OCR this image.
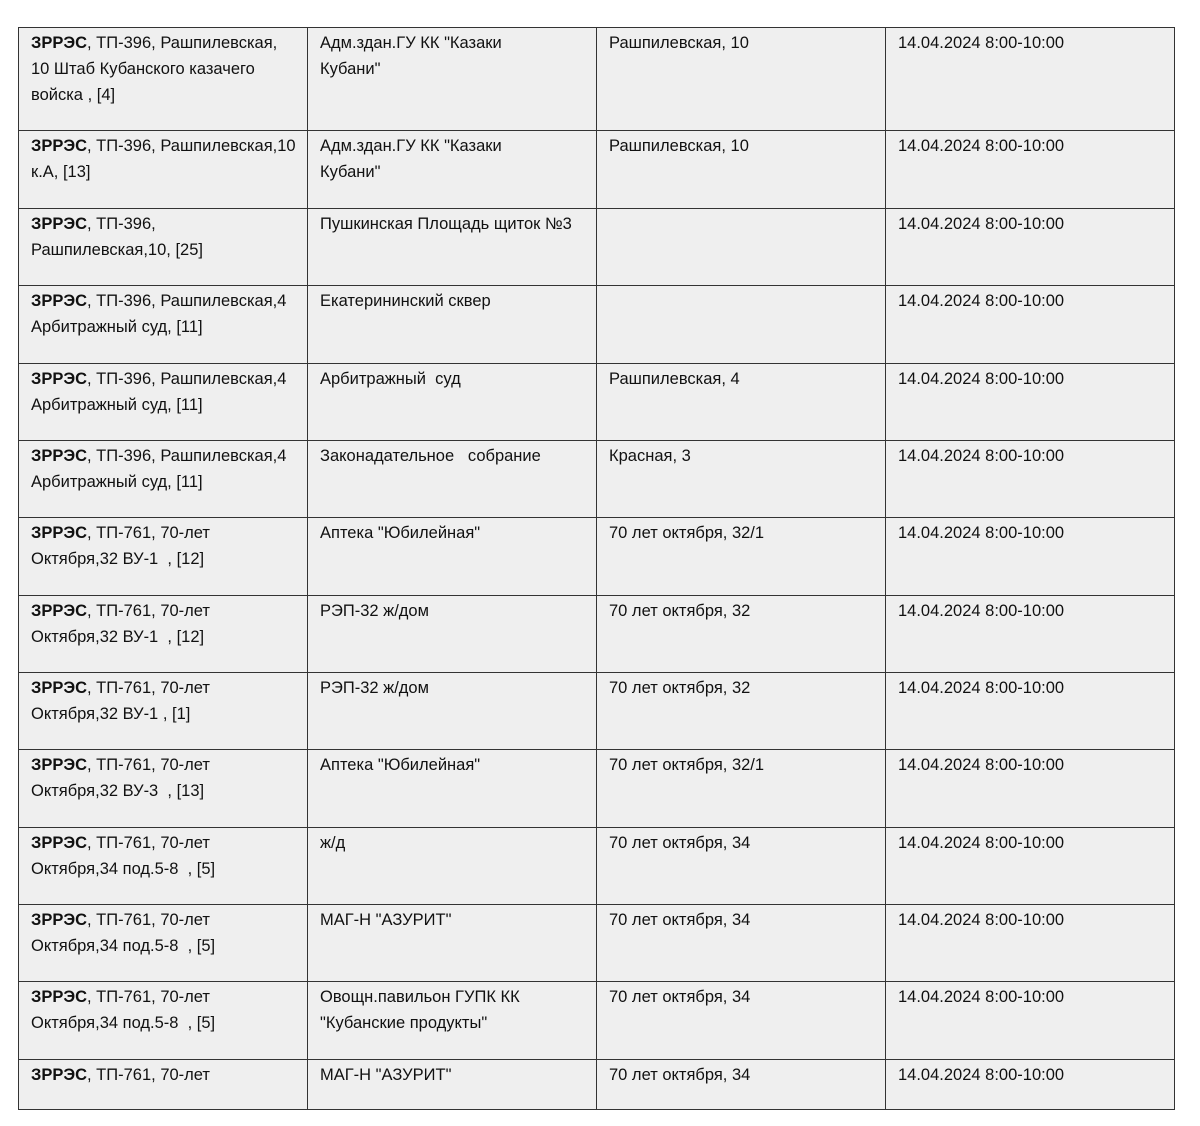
ЗРРЭС, ТП-396, Рашпилевская,
10 Штаб Кубанского казачего
войска , [4]	Адм.здан.ГУ КК "Казаки
Кубани"	Рашпилевская, 10	14.04.2024 8:00-10:00
ЗРРЭС, ТП-396, Рашпилевская,10
к.А, [13]	Адм.здан.ГУ КК "Казаки
Кубани"	Рашпилевская, 10	14.04.2024 8:00-10:00
ЗРРЭС, ТП-396,
Рашпилевская,10, [25]	Пушкинская Площадь щиток №3		14.04.2024 8:00-10:00
ЗРРЭС, ТП-396, Рашпилевская,4
Арбитражный суд, [11]	Екатерининский сквер		14.04.2024 8:00-10:00
ЗРРЭС, ТП-396, Рашпилевская,4
Арбитражный суд, [11]	Арбитражный  суд	Рашпилевская, 4	14.04.2024 8:00-10:00
ЗРРЭС, ТП-396, Рашпилевская,4
Арбитражный суд, [11]	Законадательное   собрание	Красная, 3	14.04.2024 8:00-10:00
ЗРРЭС, ТП-761, 70-лет
Октября,32 ВУ-1  , [12]	Аптека "Юбилейная"	70 лет октября, 32/1	14.04.2024 8:00-10:00
ЗРРЭС, ТП-761, 70-лет
Октября,32 ВУ-1  , [12]	РЭП-32 ж/дом	70 лет октября, 32	14.04.2024 8:00-10:00
ЗРРЭС, ТП-761, 70-лет
Октября,32 ВУ-1 , [1]	РЭП-32 ж/дом	70 лет октября, 32	14.04.2024 8:00-10:00
ЗРРЭС, ТП-761, 70-лет
Октября,32 ВУ-3  , [13]	Аптека "Юбилейная"	70 лет октября, 32/1	14.04.2024 8:00-10:00
ЗРРЭС, ТП-761, 70-лет
Октября,34 под.5-8  , [5]	ж/д	70 лет октября, 34	14.04.2024 8:00-10:00
ЗРРЭС, ТП-761, 70-лет
Октября,34 под.5-8  , [5]	МАГ-Н "АЗУРИТ"	70 лет октября, 34	14.04.2024 8:00-10:00
ЗРРЭС, ТП-761, 70-лет
Октября,34 под.5-8  , [5]	Овощн.павильон ГУПК КК
"Кубанские продукты"	70 лет октября, 34	14.04.2024 8:00-10:00
ЗРРЭС, ТП-761, 70-лет	МАГ-Н "АЗУРИТ"	70 лет октября, 34	14.04.2024 8:00-10:00
